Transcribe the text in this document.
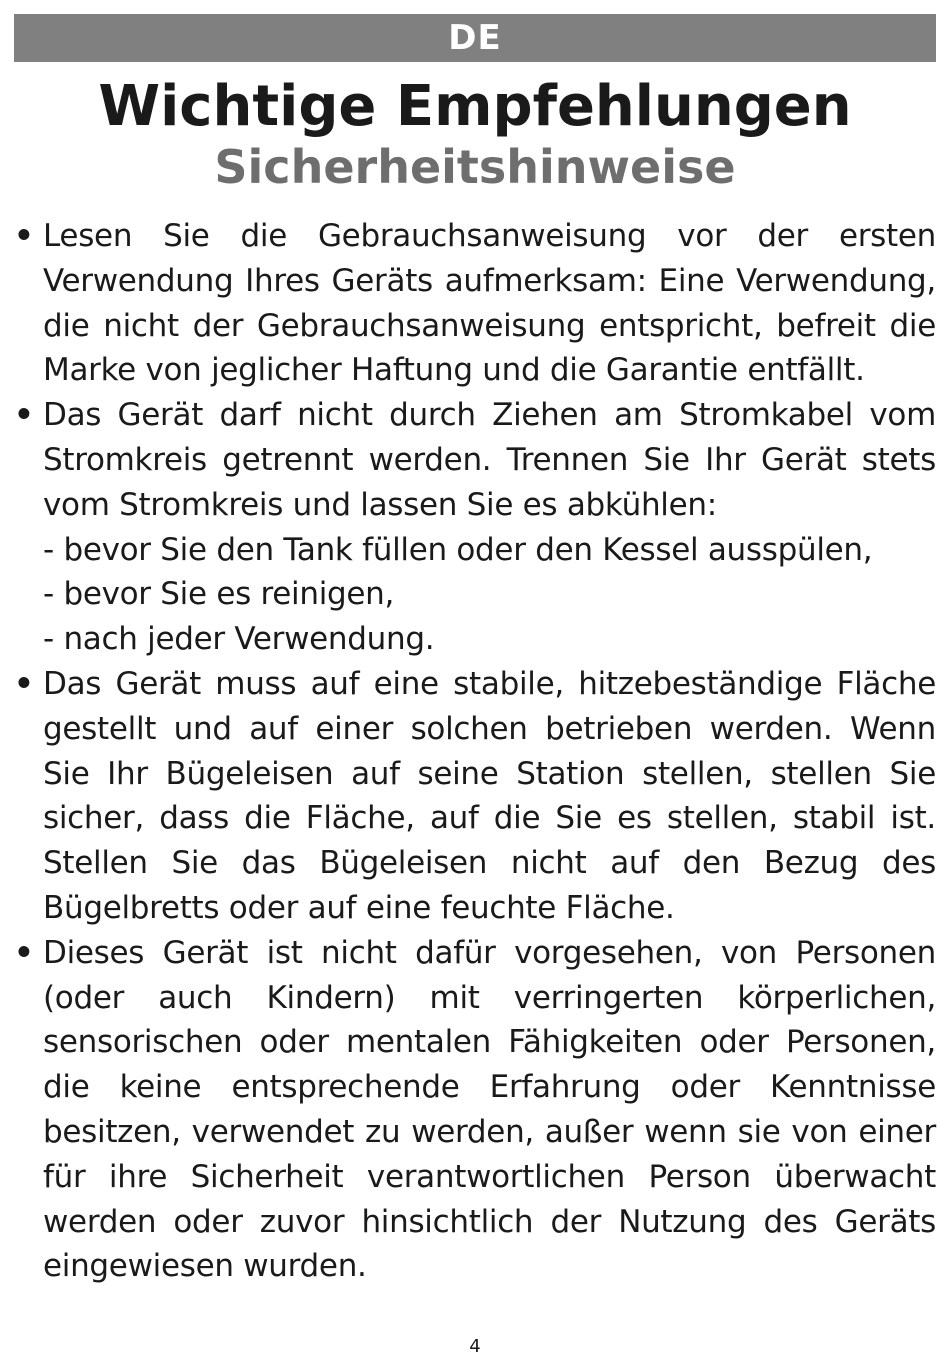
DE
Wichtige Empfehlungen
Sicherheitshinweise
• Lesen Sie die Gebrauchsanweisung vor der ersten Verwendung Ihres Geräts aufmerksam: Eine Verwendung, die nicht der Gebrauchsanweisung entspricht, befreit die Marke von jeglicher Haftung und die Garantie entfällt.

• Das Gerät darf nicht durch Ziehen am Stromkabel vom Stromkreis getrennt werden. Trennen Sie Ihr Gerät stets vom Stromkreis und lassen Sie es abkühlen:

- bevor Sie den Tank füllen oder den Kessel ausspülen,

- bevor Sie es reinigen,

- nach jeder Verwendung.

• Das Gerät muss auf eine stabile, hitzebeständige Fläche gestellt und auf einer solchen betrieben werden. Wenn Sie Ihr Bügeleisen auf seine Station stellen, stellen Sie sicher, dass die Fläche, auf die Sie es stellen, stabil ist. Stellen Sie das Bügeleisen nicht auf den Bezug des Bügelbretts oder auf eine feuchte Fläche.

• Dieses Gerät ist nicht dafür vorgesehen, von Personen (oder auch Kindern) mit verringerten körperlichen, sensorischen oder mentalen Fähigkeiten oder Personen, die keine entsprechende Erfahrung oder Kenntnisse besitzen, verwendet zu werden, außer wenn sie von einer für ihre Sicherheit verantwortlichen Person überwacht werden oder zuvor hinsichtlich der Nutzung des Geräts eingewiesen wurden.

4
